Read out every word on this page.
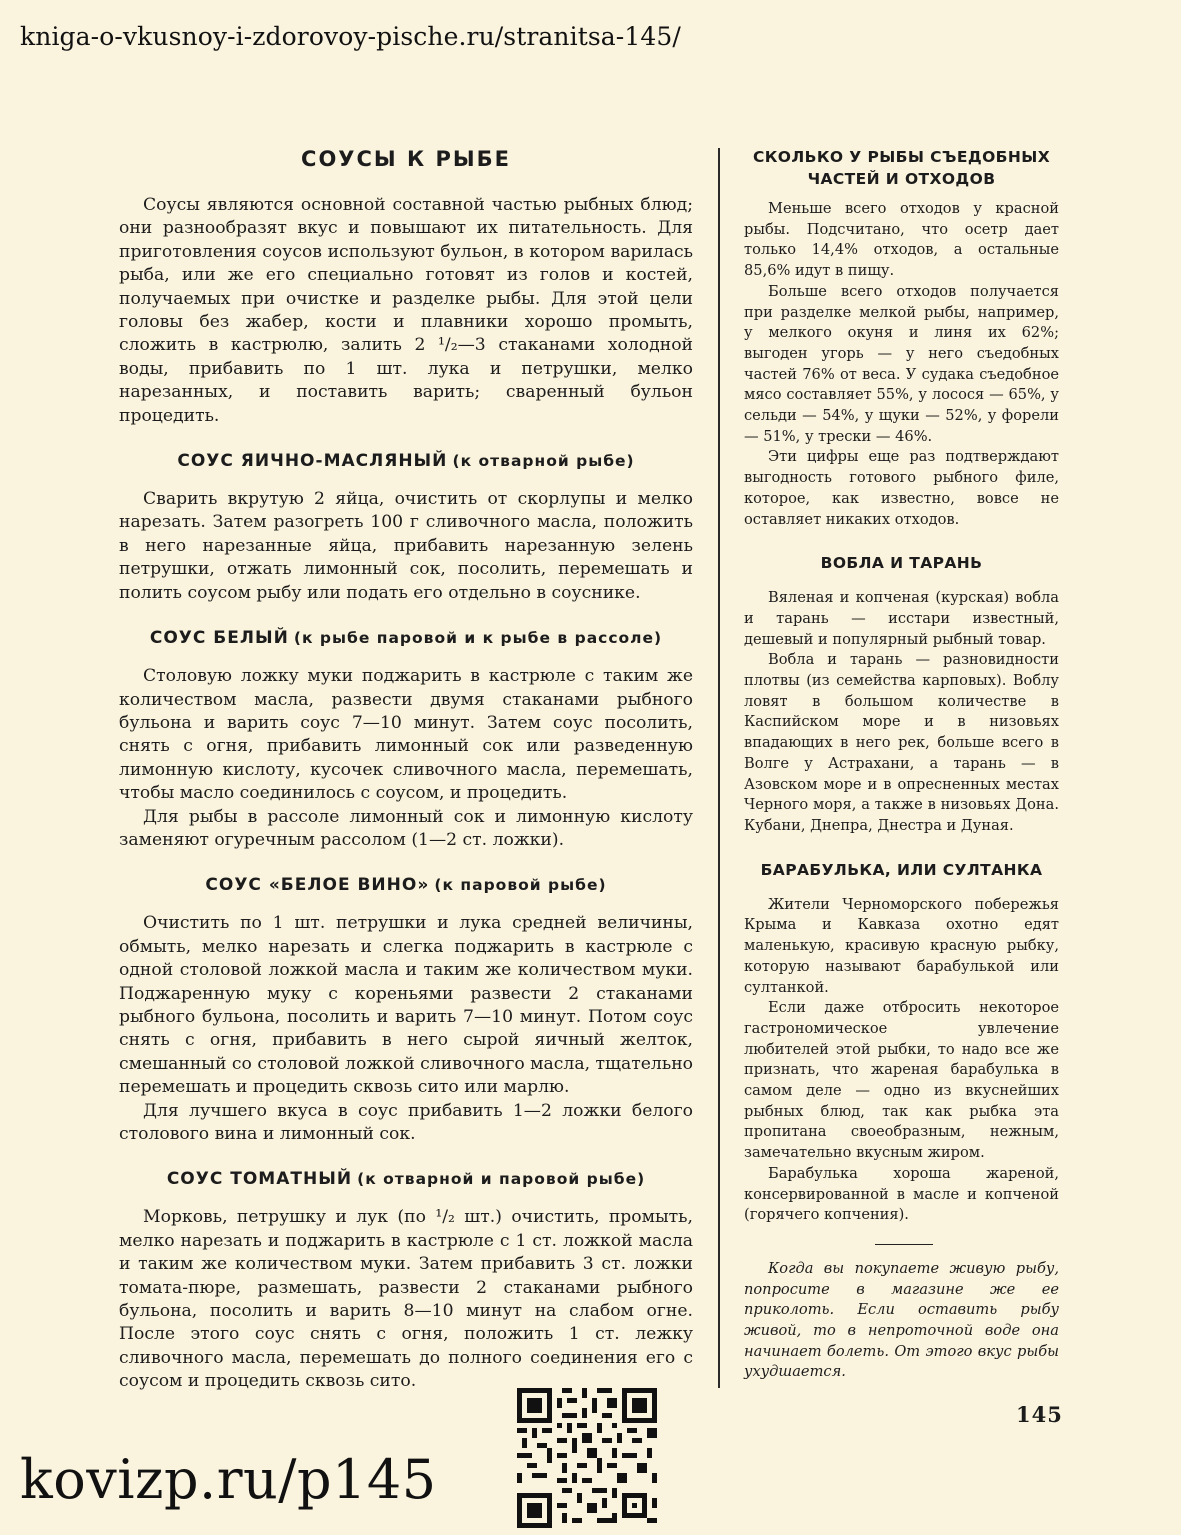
kniga-o-vkusnoy-i-zdorovoy-pische.ru/stranitsa-145/
СОУСЫ К РЫБЕ

Соусы являются основной составной частью рыбных блюд; они разнообразят вкус и повышают их питательность. Для приготовления соусов используют бульон, в котором варилась рыба, или же его специально готовят из голов и костей, получаемых при очистке и разделке рыбы. Для этой цели головы без жабер, кости и плавники хорошо промыть, сложить в кастрюлю, залить 2 ¹/₂—3 стаканами холодной воды, прибавить по 1 шт. лука и петрушки, мелко нарезанных, и поставить варить; сваренный бульон процедить.

СОУС ЯИЧНО-МАСЛЯНЫЙ (к отварной рыбе)

Сварить вкрутую 2 яйца, очистить от скорлупы и мелко нарезать. Затем разогреть 100 г сливочного масла, положить в него нарезанные яйца, прибавить нарезанную зелень петрушки, отжать лимонный сок, посолить, перемешать и полить соусом рыбу или подать его отдельно в соуснике.

СОУС БЕЛЫЙ (к рыбе паровой и к рыбе в рассоле)

Столовую ложку муки поджарить в кастрюле с таким же количеством масла, развести двумя стаканами рыбного бульона и варить соус 7—10 минут. Затем соус посолить, снять с огня, прибавить лимонный сок или разведенную лимонную кислоту, кусочек сливочного масла, перемешать, чтобы масло соединилось с соусом, и процедить.

Для рыбы в рассоле лимонный сок и лимонную кислоту заменяют огуречным рассолом (1—2 ст. ложки).

СОУС «БЕЛОЕ ВИНО» (к паровой рыбе)

Очистить по 1 шт. петрушки и лука средней величины, обмыть, мелко нарезать и слегка поджарить в кастрюле с одной столовой ложкой масла и таким же количеством муки. Поджаренную муку с кореньями развести 2 стаканами рыбного бульона, посолить и варить 7—10 минут. Потом соус снять с огня, прибавить в него сырой яичный желток, смешанный со столовой ложкой сливочного масла, тщательно перемешать и процедить сквозь сито или марлю.

Для лучшего вкуса в соус прибавить 1—2 ложки белого столового вина и лимонный сок.

СОУС ТОМАТНЫЙ (к отварной и паровой рыбе)

Морковь, петрушку и лук (по ¹/₂ шт.) очистить, промыть, мелко нарезать и поджарить в кастрюле с 1 ст. ложкой масла и таким же количеством муки. Затем прибавить 3 ст. ложки томата-пюре, размешать, развести 2 стаканами рыбного бульона, посолить и варить 8—10 минут на слабом огне. После этого соус снять с огня, положить 1 ст. лежку сливочного масла, перемешать до полного соединения его с соусом и процедить сквозь сито.

СКОЛЬКО У РЫБЫ СЪЕДОБНЫХ ЧАСТЕЙ И ОТХОДОВ

Меньше всего отходов у красной рыбы. Подсчитано, что осетр дает только 14,4% отходов, а остальные 85,6% идут в пищу.

Больше всего отходов получается при разделке мелкой рыбы, например, у мелкого окуня и линя их 62%; выгоден угорь — у него съедобных частей 76% от веса. У судака съедобное мясо составляет 55%, у лосося — 65%, у сельди — 54%, у щуки — 52%, у форели — 51%, у трески — 46%.

Эти цифры еще раз подтверждают выгодность готового рыбного филе, которое, как известно, вовсе не оставляет никаких отходов.

ВОБЛА И ТАРАНЬ

Вяленая и копченая (курская) вобла и тарань — исстари известный, дешевый и популярный рыбный товар.

Вобла и тарань — разновидности плотвы (из семейства карповых). Воблу ловят в большом количестве в Каспийском море и в низовьях впадающих в него рек, больше всего в Волге у Астрахани, а тарань — в Азовском море и в опресненных местах Черного моря, а также в низовьях Дона. Кубани, Днепра, Днестра и Дуная.

БАРАБУЛЬКА, ИЛИ СУЛТАНКА

Жители Черноморского побережья Крыма и Кавказа охотно едят маленькую, красивую красную рыбку, которую называют барабулькой или султанкой.

Если даже отбросить некоторое гастрономическое увлечение любителей этой рыбки, то надо все же признать, что жареная барабулька в самом деле — одно из вкуснейших рыбных блюд, так как рыбка эта пропитана своеобразным, нежным, замечательно вкусным жиром.

Барабулька хороша жареной, консервированной в масле и копченой (горячего копчения).

Когда вы покупаете живую рыбу, попросите в магазине же ее приколоть. Если оставить рыбу живой, то в непроточной воде она начинает болеть. От этого вкус рыбы ухудшается.

145
kovizp.ru/p145
